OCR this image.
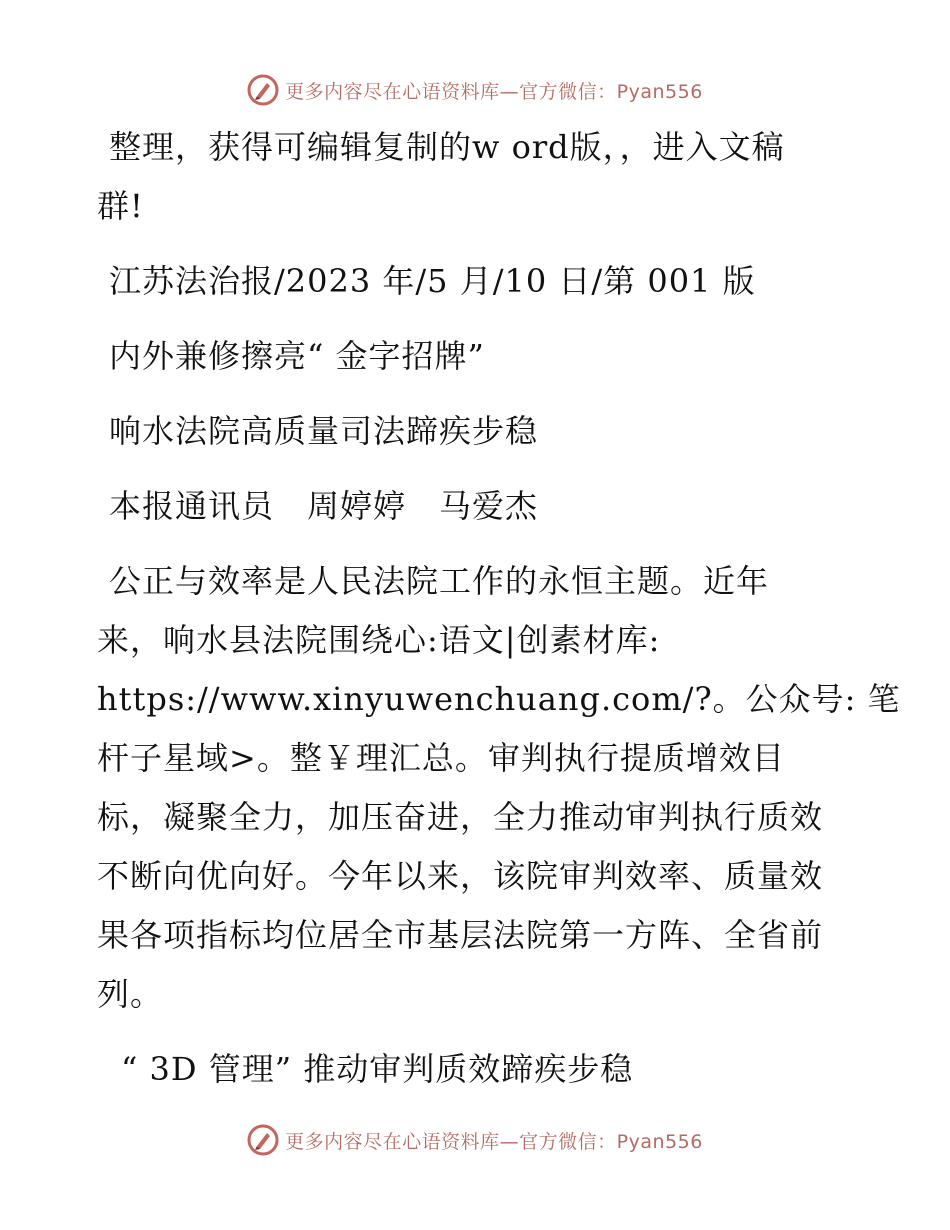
更多内容尽在心语资料库—官方微信：Pyan556
整理，获得可编辑复制的w ord版，，进入文稿
群!
江苏法治报/2023 年/5 月/10 日/第 001 版
内外兼修擦亮“ 金字招牌”
响水法院高质量司法蹄疾步稳
本报通讯员　周婷婷　马爱杰
公正与效率是人民法院工作的永恒主题。近年
来，响水县法院围绕心:语文|创素材库:
https://www.xinyuwenchuang.com/?。公众号: 笔
杆子星域>。整￥理汇总。审判执行提质增效目
标，凝聚全力，加压奋进，全力推动审判执行质效
不断向优向好。今年以来，该院审判效率、质量效
果各项指标均位居全市基层法院第一方阵、全省前
列。
“ 3D 管理” 推动审判质效蹄疾步稳
更多内容尽在心语资料库—官方微信：Pyan556
